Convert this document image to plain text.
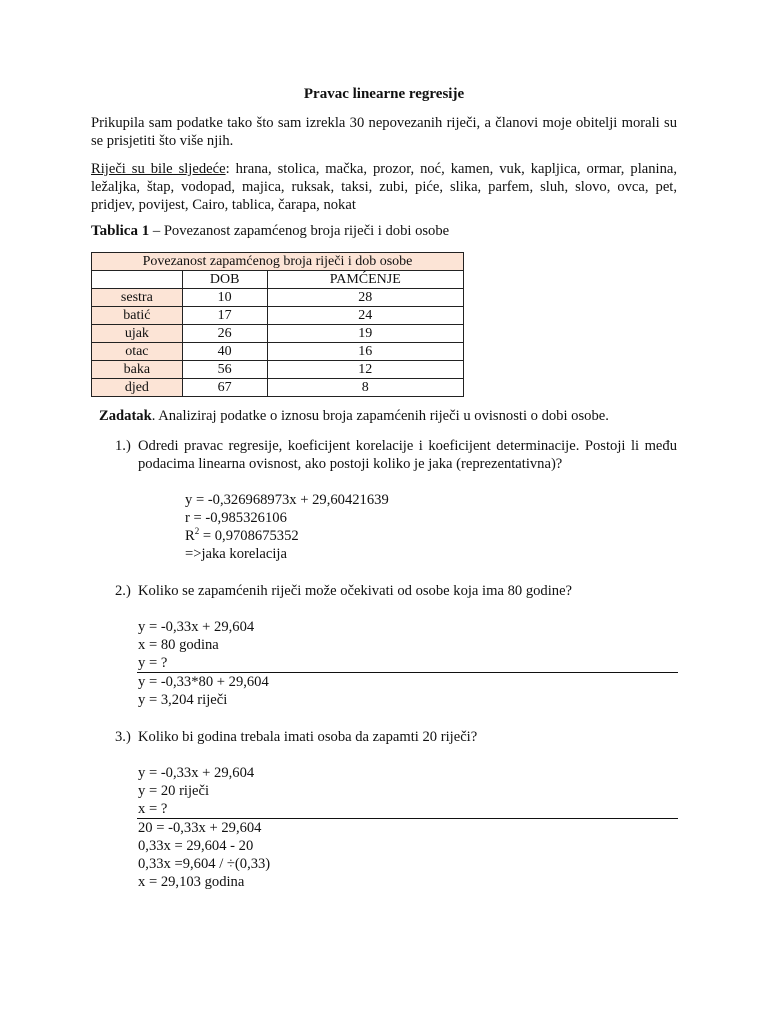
Pravac linearne regresije
Prikupila sam podatke tako što sam izrekla 30 nepovezanih riječi, a članovi moje obitelji morali su se prisjetiti što više njih.
Riječi su bile sljedeće: hrana, stolica, mačka, prozor, noć, kamen, vuk, kapljica, ormar, planina, ležaljka, štap, vodopad, majica, ruksak, taksi, zubi, piće, slika, parfem, sluh, slovo, ovca, pet, pridjev, povijest, Cairo, tablica, čarapa, nokat
Tablica 1 – Povezanost zapamćenog broja riječi i dobi osobe
Povezanost zapamćenog broja riječi i dob osobe		
	DOB	PAMĆENJE
sestra	10	28
batić	17	24
ujak	26	19
otac	40	16
baka	56	12
djed	67	8
Zadatak. Analiziraj podatke o iznosu broja zapamćenih riječi u ovisnosti o dobi osobe.
1.) Odredi pravac regresije, koeficijent korelacije i koeficijent determinacije. Postoji li među podacima linearna ovisnost, ako postoji koliko je jaka (reprezentativna)?
y = -0,326968973x + 29,60421639
r = -0,985326106
$R^2 = 0,9708675352$
=>jaka korelacija
2.) Koliko se zapamćenih riječi može očekivati od osobe koja ima 80 godine?
y = -0,33x + 29,604
x = 80 godina
y = ?
y = -0,33*80 + 29,604
y = 3,204 riječi
3.) Koliko bi godina trebala imati osoba da zapamti 20 riječi?
y = -0,33x + 29,604
y = 20 riječi
x = ?
20 = -0,33x + 29,604
0,33x = 29,604 - 20
0,33x =9,604 / ÷(0,33)
x = 29,103 godina
